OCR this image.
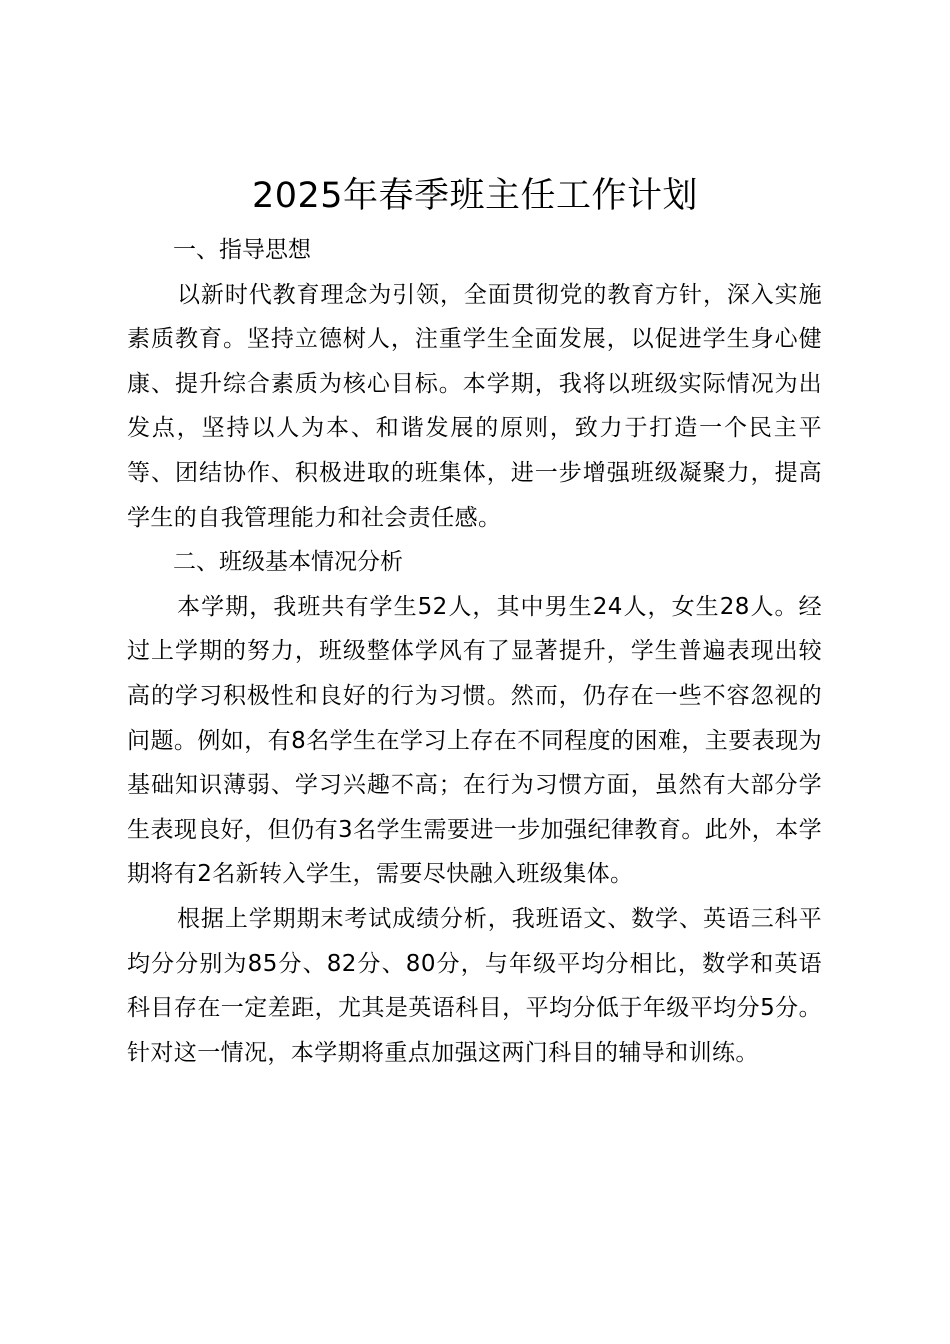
2025年春季班主任工作计划
一、指导思想

以新时代教育理念为引领，全面贯彻党的教育方针，深入实施素质教育。坚持立德树人，注重学生全面发展，以促进学生身心健康、提升综合素质为核心目标。本学期，我将以班级实际情况为出发点，坚持以人为本、和谐发展的原则，致力于打造一个民主平等、团结协作、积极进取的班集体，进一步增强班级凝聚力，提高学生的自我管理能力和社会责任感。

二、班级基本情况分析

本学期，我班共有学生52人，其中男生24人，女生28人。经过上学期的努力，班级整体学风有了显著提升，学生普遍表现出较高的学习积极性和良好的行为习惯。然而，仍存在一些不容忽视的问题。例如，有8名学生在学习上存在不同程度的困难，主要表现为基础知识薄弱、学习兴趣不高；在行为习惯方面，虽然有大部分学生表现良好，但仍有3名学生需要进一步加强纪律教育。此外，本学期将有2名新转入学生，需要尽快融入班级集体。

根据上学期期末考试成绩分析，我班语文、数学、英语三科平均分分别为85分、82分、80分，与年级平均分相比，数学和英语科目存在一定差距，尤其是英语科目，平均分低于年级平均分5分。针对这一情况，本学期将重点加强这两门科目的辅导和训练。
